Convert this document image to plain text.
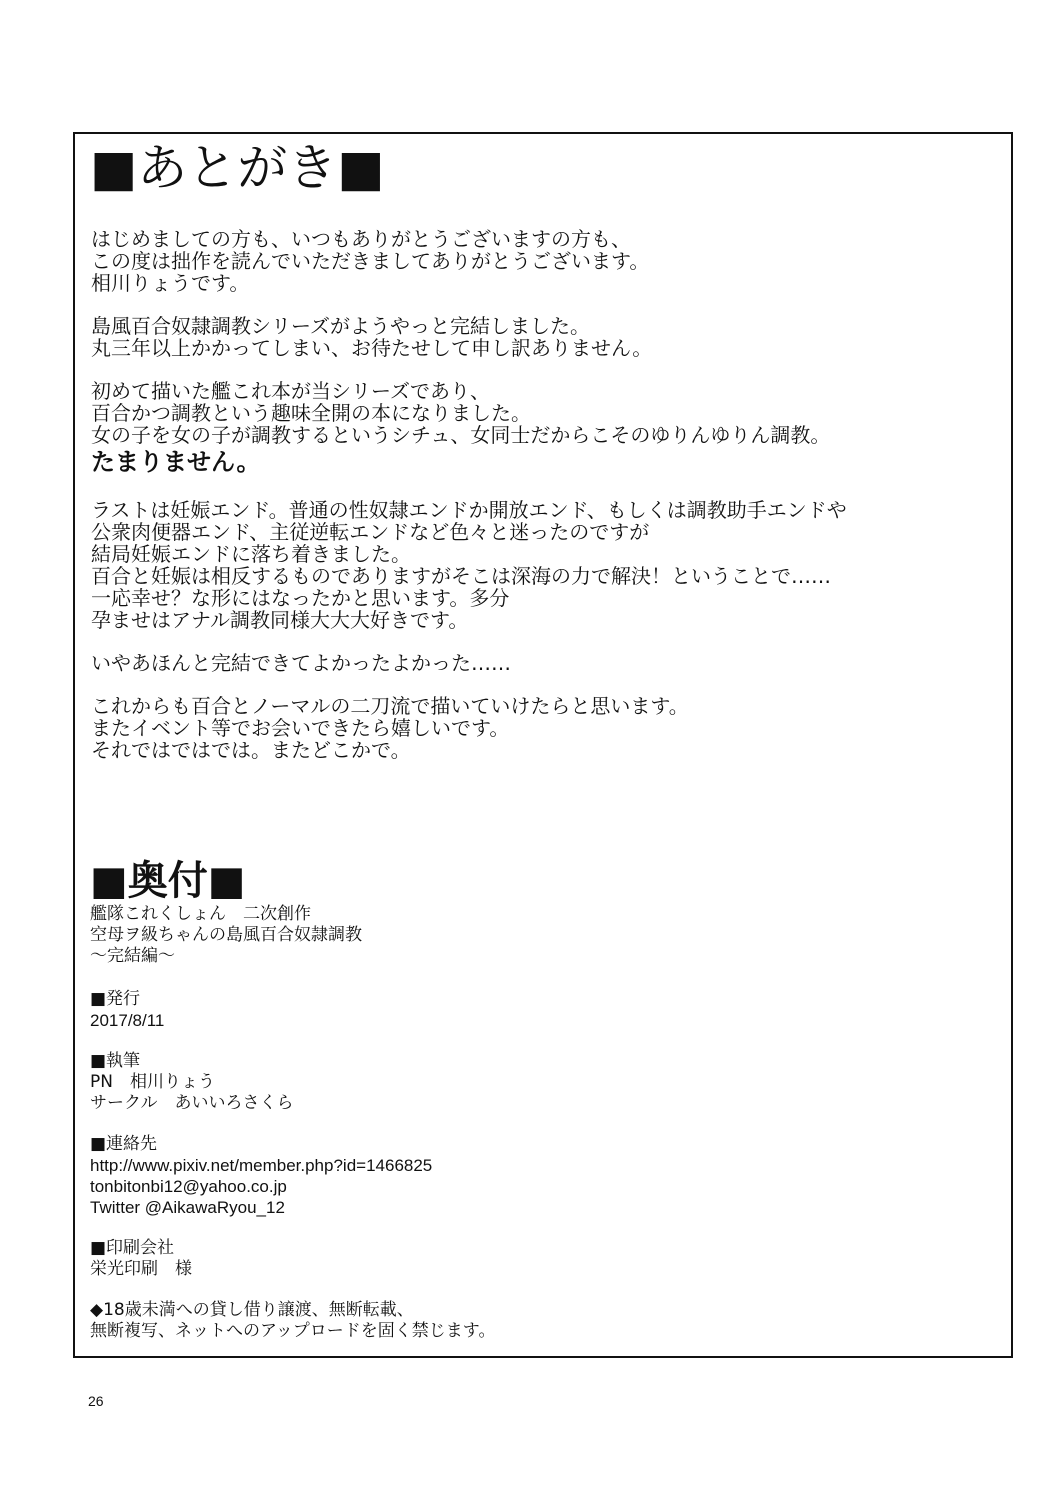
■あとがき■
はじめましての方も、いつもありがとうございますの方も、
この度は拙作を読んでいただきましてありがとうございます。
相川りょうです。
島風百合奴隷調教シリーズがようやっと完結しました。
丸三年以上かかってしまい、お待たせして申し訳ありません。
初めて描いた艦これ本が当シリーズであり、
百合かつ調教という趣味全開の本になりました。
女の子を女の子が調教するというシチュ、女同士だからこそのゆりんゆりん調教。
たまりません。
ラストは妊娠エンド。普通の性奴隷エンドか開放エンド、もしくは調教助手エンドや
公衆肉便器エンド、主従逆転エンドなど色々と迷ったのですが
結局妊娠エンドに落ち着きました。
百合と妊娠は相反するものでありますがそこは深海の力で解決！ということで……
一応幸せ？な形にはなったかと思います。多分
孕ませはアナル調教同様大大大好きです。
いやあほんと完結できてよかったよかった……
これからも百合とノーマルの二刀流で描いていけたらと思います。
またイベント等でお会いできたら嬉しいです。
それではではでは。またどこかで。
■奥付■
艦隊これくしょん　二次創作
空母ヲ級ちゃんの島風百合奴隷調教
～完結編～
■発行
2017/8/11
■執筆
PN　相川りょう
サークル　あいいろさくら
■連絡先
http://www.pixiv.net/member.php?id=1466825
tonbitonbi12@yahoo.co.jp
Twitter @AikawaRyou_12
■印刷会社
栄光印刷　様
◆18歳未満への貸し借り譲渡、無断転載、
無断複写、ネットへのアップロードを固く禁じます。
26
